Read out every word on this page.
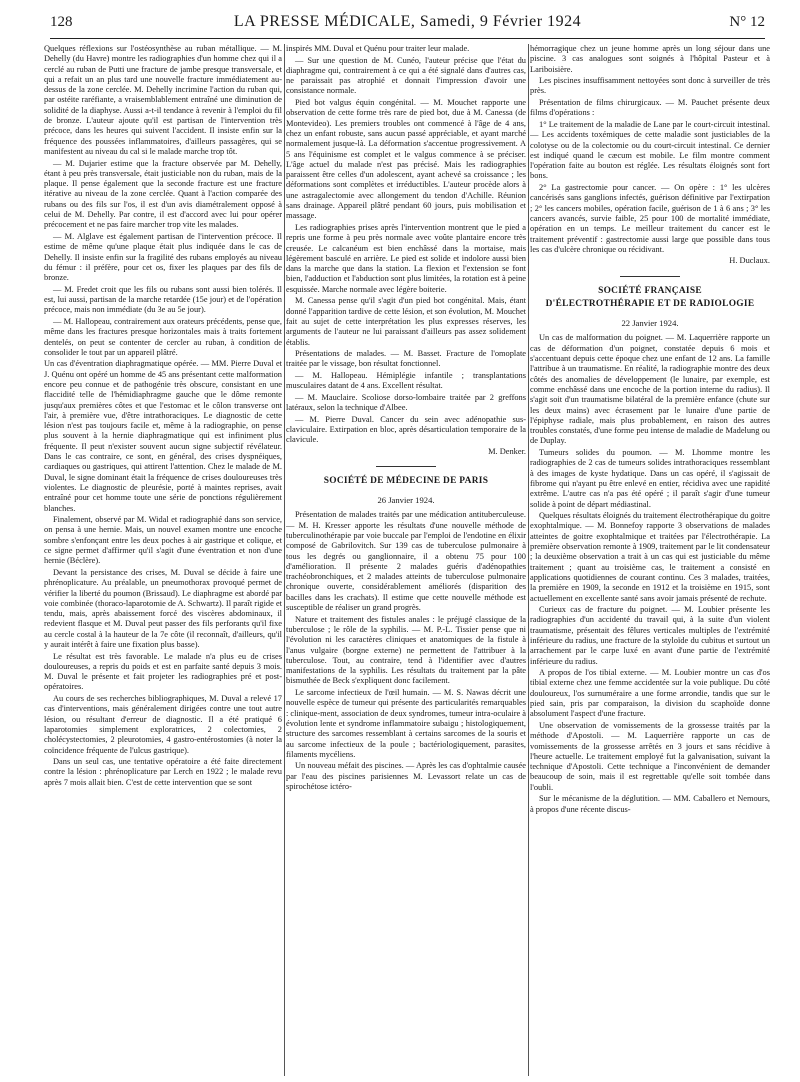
128	LA PRESSE MÉDICALE, Samedi, 9 Février 1924	N° 12

Quelques réflexions sur l'ostéosynthèse au ruban métallique. — M. Dehelly (du Havre) montre les radiographies d'un homme chez qui il a cerclé au ruban de Putti une fracture de jambe presque transversale, et qui a refait un an plus tard une nouvelle fracture immédiatement au-dessus de la zone cerclée. M. Dehelly incrimine l'action du ruban qui, par ostéite raréfiante, a vraisemblablement entraîné une diminution de solidité de la diaphyse. Aussi a-t-il tendance à revenir à l'emploi du fil de bronze. L'auteur ajoute qu'il est partisan de l'intervention très précoce, dans les heures qui suivent l'accident. Il insiste enfin sur la fréquence des poussées inflammatoires, d'ailleurs passagères, qui se manifestent au niveau du cal si le malade marche trop tôt.

— M. Dujarier estime que la fracture observée par M. Dehelly, étant à peu près transversale, était justiciable non du ruban, mais de la plaque. Il pense également que la seconde fracture est une fracture itérative au niveau de la zone cerclée. Quant à l'action comparée des rubans ou des fils sur l'os, il est d'un avis diamétralement opposé à celui de M. Dehelly. Par contre, il est d'accord avec lui pour opérer précocement et ne pas faire marcher trop vite les malades.

— M. Alglave est également partisan de l'intervention précoce. Il estime de même qu'une plaque était plus indiquée dans le cas de Dehelly. Il insiste enfin sur la fragilité des rubans employés au niveau du fémur : il préfère, pour cet os, fixer les plaques par des fils de bronze.

— M. Fredet croit que les fils ou rubans sont aussi bien tolérés. Il est, lui aussi, partisan de la marche retardée (15e jour) et de l'opération précoce, mais non immédiate (du 3e au 5e jour).

— M. Hallopeau, contrairement aux orateurs précédents, pense que, même dans les fractures presque horizontales mais à traits fortement dentelés, on peut se contenter de cercler au ruban, à condition de consolider le tout par un appareil plâtré.

Un cas d'éventration diaphragmatique opérée. — MM. Pierre Duval et J. Quénu ont opéré un homme de 45 ans présentant cette malformation encore peu connue et de pathogénie très obscure, consistant en une flaccidité telle de l'hémidiaphragme gauche que le dôme remonte jusqu'aux premières côtes et que l'estomac et le côlon transverse ont l'air, à première vue, d'être intrathoraciques. Le diagnostic de cette lésion n'est pas toujours facile et, même à la radiographie, on pense plus souvent à la hernie diaphragmatique qui est infiniment plus fréquente. Il peut n'exister souvent aucun signe subjectif révélateur. Dans le cas contraire, ce sont, en général, des crises dyspnéiques, cardiaques ou gastriques, qui attirent l'attention. Chez le malade de M. Duval, le signe dominant était la fréquence de crises douloureuses très violentes. Le diagnostic de pleurésie, porté à maintes reprises, avait entraîné pour cet homme toute une série de ponctions régulièrement blanches.

Finalement, observé par M. Widal et radiographié dans son service, on pensa à une hernie. Mais, un nouvel examen montre une encoche sombre s'enfonçant entre les deux poches à air gastrique et colique, et ce signe permet d'affirmer qu'il s'agit d'une éventration et non d'une hernie (Béclère).

Devant la persistance des crises, M. Duval se décide à faire une phrénoplicature. Au préalable, un pneumothorax provoqué permet de vérifier la liberté du poumon (Brissaud). Le diaphragme est abordé par voie combinée (thoraco-laparotomie de A. Schwartz). Il paraît rigide et tendu, mais, après abaissement forcé des viscères abdominaux, il redevient flasque et M. Duval peut passer des fils perforants qu'il fixe au cercle costal à la hauteur de la 7e côte (il reconnaît, d'ailleurs, qu'il y aurait intérêt à faire une fixation plus basse).

Le résultat est très favorable. Le malade n'a plus eu de crises douloureuses, a repris du poids et est en parfaite santé depuis 3 mois. M. Duval le présente et fait projeter les radiographies pré et post-opératoires.

Au cours de ses recherches bibliographiques, M. Duval a relevé 17 cas d'interventions, mais généralement dirigées contre une tout autre lésion, ou résultant d'erreur de diagnostic. Il a été pratiqué 6 laparotomies simplement exploratrices, 2 colectomies, 2 cholécystectomies, 2 pleurotomies, 4 gastro-entérostomies (à noter la coïncidence fréquente de l'ulcus gastrique).

Dans un seul cas, une tentative opératoire a été faite directement contre la lésion : phrénoplicature par Lerch en 1922 ; le malade revu après 7 mois allait bien. C'est de cette intervention que se sont

inspirés MM. Duval et Quénu pour traiter leur malade.

— Sur une question de M. Cunéo, l'auteur précise que l'état du diaphragme qui, contrairement à ce qui a été signalé dans d'autres cas, ne paraissait pas atrophié et donnait l'impression d'avoir une consistance normale.

Pied bot valgus équin congénital. — M. Mouchet rapporte une observation de cette forme très rare de pied bot, due à M. Canessa (de Montevideo). Les premiers troubles ont commencé à l'âge de 4 ans, chez un enfant robuste, sans aucun passé appréciable, et ayant marché normalement jusque-là. La déformation s'accentue progressivement. A 5 ans l'équinisme est complet et le valgus commence à se préciser. L'âge actuel du malade n'est pas précisé. Mais les radiographies paraissent être celles d'un adolescent, ayant achevé sa croissance ; les déformations sont complètes et irréductibles. L'auteur procède alors à une astragalectomie avec allongement du tendon d'Achille. Réunion sans drainage. Appareil plâtré pendant 60 jours, puis mobilisation et massage.

Les radiographies prises après l'intervention montrent que le pied a repris une forme à peu près normale avec voûte plantaire encore très creusée. Le calcanéum est bien enchâssé dans la mortaise, mais légèrement basculé en arrière. Le pied est solide et indolore aussi bien dans la marche que dans la station. La flexion et l'extension se font bien, l'adduction et l'abduction sont plus limitées, la rotation est à peine esquissée. Marche normale avec légère boiterie.

M. Canessa pense qu'il s'agit d'un pied bot congénital. Mais, étant donné l'apparition tardive de cette lésion, et son évolution, M. Mouchet fait au sujet de cette interprétation les plus expresses réserves, les arguments de l'auteur ne lui paraissant d'ailleurs pas assez solidement établis.

Présentations de malades. — M. Basset. Fracture de l'omoplate traitée par le vissage, bon résultat fonctionnel.

— M. Hallopeau. Hémiplégie infantile ; transplantations musculaires datant de 4 ans. Excellent résultat.

— M. Mauclaire. Scoliose dorso-lombaire traitée par 2 greffons latéraux, selon la technique d'Albee.

— M. Pierre Duval. Cancer du sein avec adénopathie sus-claviculaire. Extirpation en bloc, après désarticulation temporaire de la clavicule.

M. Denker.

SOCIÉTÉ DE MÉDECINE DE PARIS
26 Janvier 1924.

Présentation de malades traités par une médication antituberculeuse. — M. H. Kresser apporte les résultats d'une nouvelle méthode de tuberculinothérapie par voie buccale par l'emploi de l'endotine en élixir composé de Gabrilovitch. Sur 139 cas de tuberculose pulmonaire à tous les degrés ou ganglionnaire, il a obtenu 75 pour 100 d'amélioration. Il présente 2 malades guéris d'adénopathies trachéobronchiques, et 2 malades atteints de tuberculose pulmonaire chronique ouverte, considérablement améliorés (disparition des bacilles dans les crachats). Il estime que cette nouvelle méthode est susceptible de réaliser un grand progrès.

Nature et traitement des fistules anales : le préjugé classique de la tuberculose ; le rôle de la syphilis. — M. P.-L. Tissier pense que ni l'évolution ni les caractères cliniques et anatomiques de la fistule à l'anus vulgaire (borgne externe) ne permettent de l'attribuer à la tuberculose. Tout, au contraire, tend à l'identifier avec d'autres manifestations de la syphilis. Les résultats du traitement par la pâte bismuthée de Beck s'expliquent donc facilement.

Le sarcome infectieux de l'œil humain. — M. S. Nawas décrit une nouvelle espèce de tumeur qui présente des particularités remarquables : clinique-ment, association de deux syndromes, tumeur intra-oculaire à évolution lente et syndrome inflammatoire subaigu ; histologiquement, structure des sarcomes ressemblant à certains sarcomes de la souris et au sarcome infectieux de la poule ; bactériologiquement, parasites, filaments mycéliens.

Un nouveau méfait des piscines. — Après les cas d'ophtalmie causée par l'eau des piscines parisiennes M. Levassort relate un cas de spirochétose ictéro-

hémorragique chez un jeune homme après un long séjour dans une piscine. 3 cas analogues sont soignés à l'hôpital Pasteur et à Lariboisière.

Les piscines insuffisamment nettoyées sont donc à surveiller de très près.

Présentation de films chirurgicaux. — M. Pauchet présente deux films d'opérations :

1° Le traitement de la maladie de Lane par le court-circuit intestinal. — Les accidents toxémiques de cette maladie sont justiciables de la colotyse ou de la colectomie ou du court-circuit intestinal. Ce dernier est indiqué quand le cæcum est mobile. Le film montre comment l'opération faite au bouton est réglée. Les résultats éloignés sont fort bons.

2° La gastrectomie pour cancer. — On opère : 1° les ulcères cancérisés sans ganglions infectés, guérison définitive par l'extirpation ; 2° les cancers mobiles, opération facile, guérison de 1 à 6 ans ; 3° les cancers avancés, survie faible, 25 pour 100 de mortalité immédiate, opération en un temps. Le meilleur traitement du cancer est le traitement préventif : gastrectomie aussi large que possible dans tous les cas d'ulcère chronique ou récidivant.

H. Duclaux.

SOCIÉTÉ FRANÇAISE
D'ÉLECTROTHÉRAPIE ET DE RADIOLOGIE
22 Janvier 1924.

Un cas de malformation du poignet. — M. Laquerrière rapporte un cas de déformation d'un poignet, constatée depuis 6 mois et s'accentuant depuis cette époque chez une enfant de 12 ans. La famille l'attribue à un traumatisme. En réalité, la radiographie montre des deux côtés des anomalies de développement (le lunaire, par exemple, est comme enchâssé dans une encoche de la portion interne du radius). Il s'agit soit d'un traumatisme bilatéral de la première enfance (chute sur les deux mains) avec écrasement par le lunaire d'une partie de l'épiphyse radiale, mais plus probablement, en raison des autres troubles constatés, d'une forme peu intense de maladie de Madelung ou de Duplay.

Tumeurs solides du poumon. — M. Lhomme montre les radiographies de 2 cas de tumeurs solides intrathoraciques ressemblant à des images de kyste hydatique. Dans un cas opéré, il s'agissait de fibrome qui n'ayant pu être enlevé en entier, récidiva avec une rapidité extrême. L'autre cas n'a pas été opéré ; il paraît s'agir d'une tumeur solide à point de départ médiastinal.

Quelques résultats éloignés du traitement électrothérapique du goitre exophtalmique. — M. Bonnefoy rapporte 3 observations de malades atteintes de goitre exophtalmique et traitées par l'électrothérapie. La première observation remonte à 1909, traitement par le lit condensateur ; la deuxième observation a trait à un cas qui est justiciable du même traitement ; quant au troisième cas, le traitement a consisté en applications quotidiennes de courant continu. Ces 3 malades, traitées, la première en 1909, la seconde en 1912 et la troisième en 1915, sont actuellement en excellente santé sans avoir jamais présenté de rechute.

Curieux cas de fracture du poignet. — M. Loubier présente les radiographies d'un accidenté du travail qui, à la suite d'un violent traumatisme, présentait des fêlures verticales multiples de l'extrémité inférieure du radius, une fracture de la styloïde du cubitus et surtout un arrachement par le carpe luxé en avant d'une partie de l'extrémité inférieure du radius.

A propos de l'os tibial externe. — M. Loubier montre un cas d'os tibial externe chez une femme accidentée sur la voie publique. Du côté douloureux, l'os surnuméraire a une forme arrondie, tandis que sur le pied sain, pris par comparaison, la division du scaphoïde donne absolument l'aspect d'une fracture.

Une observation de vomissements de la grossesse traités par la méthode d'Apostoli. — M. Laquerrière rapporte un cas de vomissements de la grossesse arrêtés en 3 jours et sans récidive à l'heure actuelle. Le traitement employé fut la galvanisation, suivant la technique d'Apostoli. Cette technique a l'inconvénient de demander beaucoup de soin, mais il est regrettable qu'elle soit tombée dans l'oubli.

Sur le mécanisme de la déglutition. — MM. Caballero et Nemours, à propos d'une récente discus-
